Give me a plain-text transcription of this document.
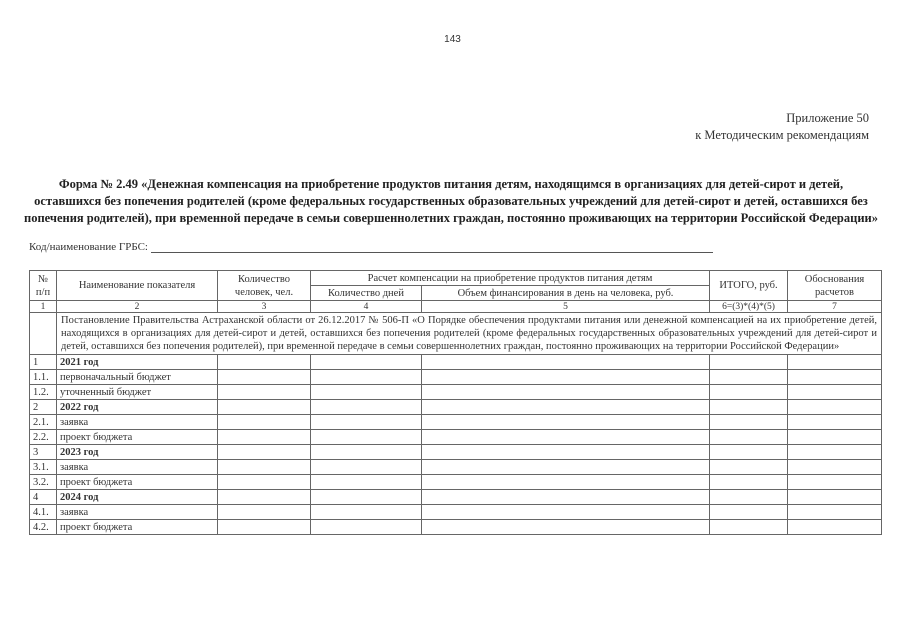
143
Приложение 50
к Методическим рекомендациям
Форма № 2.49 «Денежная компенсация на приобретение продуктов питания детям, находящимся в организациях для детей-сирот и детей, оставшихся без попечения родителей (кроме федеральных государственных образовательных учреждений для детей-сирот и детей, оставшихся без попечения родителей), при временной передаче в семьи совершеннолетних граждан, постоянно проживающих на территории Российской Федерации»
Код/наименование ГРБС:
№ п/п	Наименование показателя	Количество человек, чел.	Расчет компенсации на приобретение продуктов питания детям		ИТОГО, руб.	Обоснования расчетов
			Количество дней	Объем финансирования в день на человека, руб.		
1	2	3	4	5	6=(3)*(4)*(5)	7
	Постановление Правительства Астраханской области от 26.12.2017 № 506-П «О Порядке обеспечения продуктами питания или денежной компенсацией на их приобретение детей, находящихся в организациях для детей-сирот и детей, оставшихся без попечения родителей (кроме федеральных государственных образовательных учреждений для детей-сирот и детей, оставшихся без попечения родителей), при временной передаче в семьи совершеннолетних граждан, постоянно проживающих на территории Российской Федерации»					
1	2021 год					
1.1.	первоначальный бюджет					
1.2.	уточненный бюджет					
2	2022 год					
2.1.	заявка					
2.2.	проект бюджета					
3	2023 год					
3.1.	заявка					
3.2.	проект бюджета					
4	2024 год					
4.1.	заявка					
4.2.	проект бюджета					
